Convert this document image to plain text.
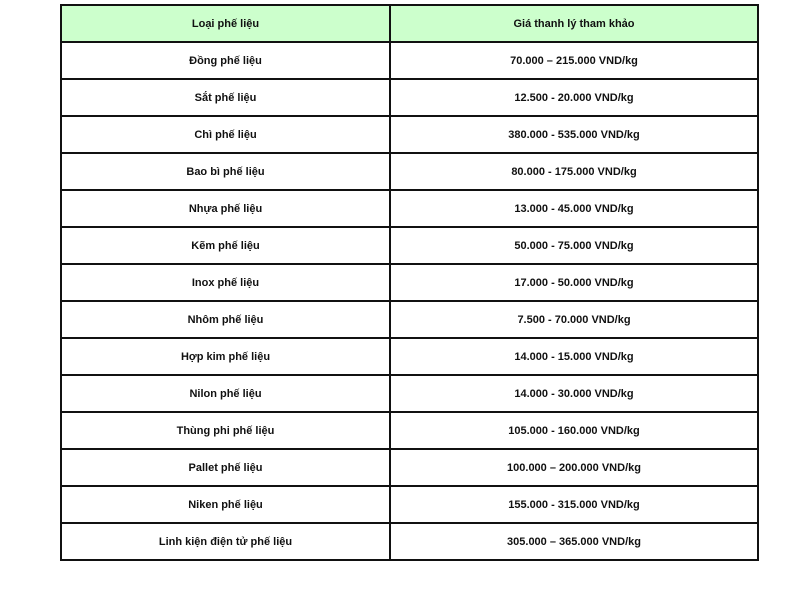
Loại phế liệu	Giá thanh lý tham khảo
Đồng phế liệu	70.000 – 215.000 VND/kg
Sắt phế liệu	12.500 - 20.000 VND/kg
Chì phế liệu	380.000 - 535.000 VND/kg
Bao bì phế liệu	80.000 - 175.000 VND/kg
Nhựa phế liệu	13.000 - 45.000 VND/kg
Kẽm phế liệu	50.000 - 75.000 VND/kg
Inox phế liệu	17.000 - 50.000 VND/kg
Nhôm phế liệu	7.500 - 70.000 VND/kg
Hợp kim phế liệu	14.000 - 15.000 VND/kg
Nilon phế liệu	14.000 - 30.000 VND/kg
Thùng phi phế liệu	105.000 - 160.000 VND/kg
Pallet phế liệu	100.000 – 200.000 VND/kg
Niken phế liệu	155.000 - 315.000 VND/kg
Linh kiện điện tử phế liệu	305.000 – 365.000 VND/kg
